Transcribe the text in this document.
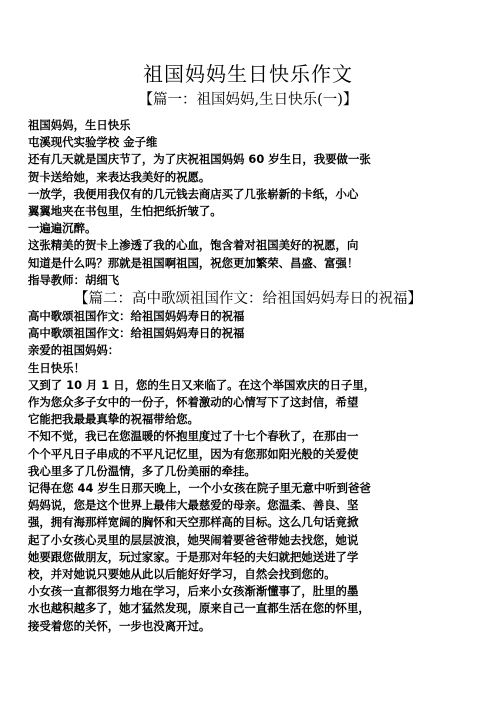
祖国妈妈生日快乐作文
【篇一：祖国妈妈,生日快乐(一)】
祖国妈妈，生日快乐
屯溪现代实验学校 金子维
还有几天就是国庆节了，为了庆祝祖国妈妈 60 岁生日，我要做一张
贺卡送给她，来表达我美好的祝愿。
一放学，我便用我仅有的几元钱去商店买了几张崭新的卡纸，小心
翼翼地夹在书包里，生怕把纸折皱了。
一遍遍沉醉。
这张精美的贺卡上渗透了我的心血，饱含着对祖国美好的祝愿，向
知道是什么吗？那就是祖国啊祖国，祝您更加繁荣、昌盛、富强！
指导教师：胡细飞
【篇二：高中歌颂祖国作文：给祖国妈妈寿日的祝福】
高中歌颂祖国作文：给祖国妈妈寿日的祝福
高中歌颂祖国作文：给祖国妈妈寿日的祝福
亲爱的祖国妈妈：
生日快乐！
又到了 10 月 1 日，您的生日又来临了。在这个举国欢庆的日子里，
作为您众多子女中的一份子，怀着激动的心情写下了这封信，希望
它能把我最最真挚的祝福带给您。
不知不觉，我已在您温暖的怀抱里度过了十七个春秋了，在那由一
个个平凡日子串成的不平凡记忆里，因为有您那如阳光般的关爱使
我心里多了几份温情，多了几份美丽的牵挂。
记得在您 44 岁生日那天晚上，一个小女孩在院子里无意中听到爸爸
妈妈说，您是这个世界上最伟大最慈爱的母亲。您温柔、善良、坚
强，拥有海那样宽阔的胸怀和天空那样高的目标。这么几句话竟掀
起了小女孩心灵里的层层波浪，她哭闹着要爸爸带她去找您，她说
她要跟您做朋友，玩过家家。于是那对年轻的夫妇就把她送进了学
校，并对她说只要她从此以后能好好学习，自然会找到您的。
小女孩一直都很努力地在学习，后来小女孩渐渐懂事了，肚里的墨
水也越积越多了，她才猛然发现，原来自己一直都生活在您的怀里，
接受着您的关怀，一步也没离开过。
